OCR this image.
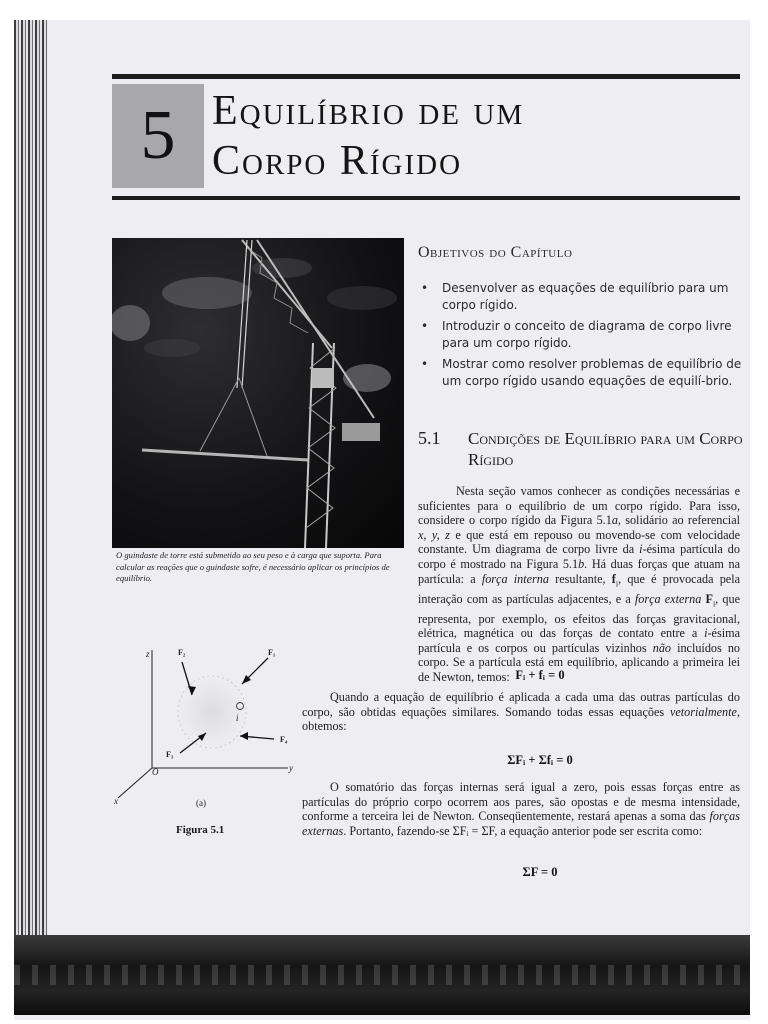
5 Equilíbrio de um
Corpo Rígido
O guindaste de torre está submetido ao seu peso e à carga que suporta. Para calcular as reações que o guindaste sofre, é necessário aplicar os princípios de equilíbrio.
Objetivos do Capítulo
• Desenvolver as equações de equilíbrio para um corpo rígido.
• Introduzir o conceito de diagrama de corpo livre para um corpo rígido.
• Mostrar como resolver problemas de equilíbrio de um corpo rígido usando equações de equilí-brio.
5.1 Condições de Equilíbrio para um Corpo Rígido
Nesta seção vamos conhecer as condições necessárias e suficientes para o equilíbrio de um corpo rígido. Para isso, considere o corpo rígido da Figura 5.1a, solidário ao referencial x, y, z e que está em repouso ou movendo-se com velocidade constante. Um diagrama de corpo livre da i-ésima partícula do corpo é mostrado na Figura 5.1b. Há duas forças que atuam na partícula: a força interna resultante, $f_i$, que é provocada pela interação com as partículas adjacentes, e a força externa $F_i$, que representa, por exemplo, os efeitos das forças gravitacional, elétrica, magnética ou das forças de contato entre a i-ésima partícula e os corpos ou partículas vizinhos não incluídos no corpo. Se a partícula está em equilíbrio, aplicando a primeira lei de Newton, temos: Fᵢ + fᵢ = 0
Quando a equação de equilíbrio é aplicada a cada uma das outras partículas do corpo, são obtidas equações similares. Somando todas essas equações vetorialmente, obtemos:
ΣFᵢ + Σfᵢ = 0
O somatório das forças internas será igual a zero, pois essas forças entre as partículas do próprio corpo ocorrem aos pares, são opostas e de mesma intensidade, conforme a terceira lei de Newton. Conseqüentemente, restará apenas a soma das forças externas. Portanto, fazendo-se ΣFᵢ = ΣF, a equação anterior pode ser escrita como:
ΣF = 0
z
y
x
O
i
F₁
F₂
F₃
F₄
(a)
Figura 5.1
